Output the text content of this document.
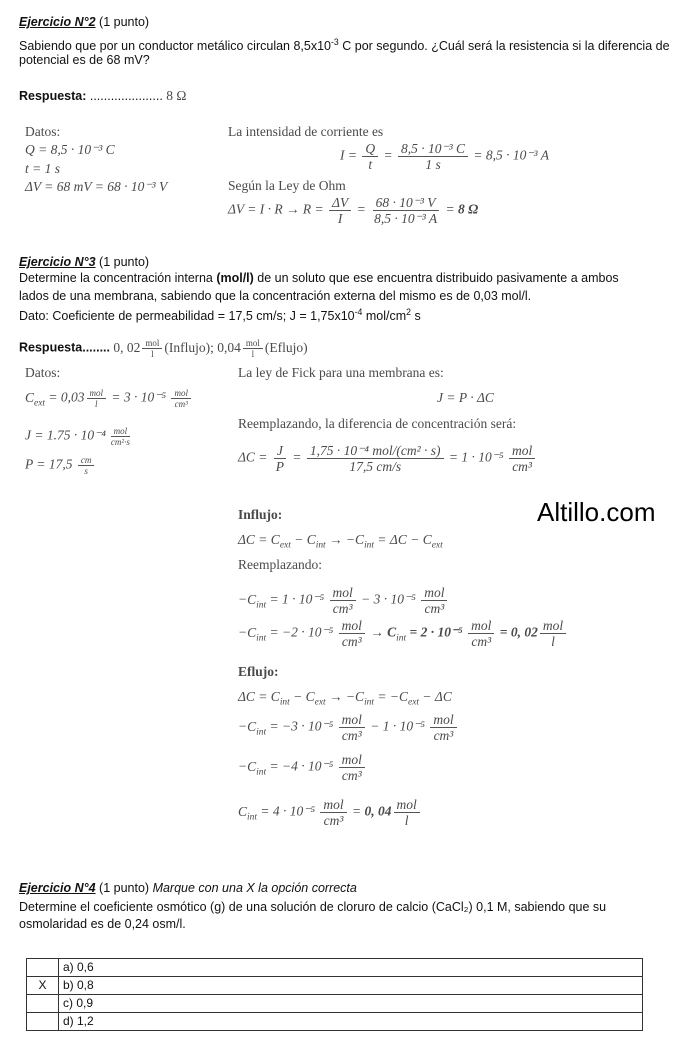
Ejercicio N°2 (1 punto)
Sabiendo que por un conductor metálico circulan $8,5x10^{-3}$ C por segundo. ¿Cuál será la resistencia si la diferencia de
potencial es de 68 mV?
Respuesta: ..................... 8 Ω
Datos:
Q = 8,5 · 10⁻³ C
t = 1 s
ΔV = 68 mV = 68 · 10⁻³ V
La intensidad de corriente es
$I = \frac{Q}{t} = \frac{\text{8,5 · 10⁻³ C}}{1 s} = 8,5 \cdot 10^{-3}$ A
Según la Ley de Ohm
$\Delta V = I \cdot R \to R = \frac{\Delta V}{I} = \frac{\text{68 · 10⁻³ V}}{\text{8,5 · 10⁻³ A}} = 8$ Ω
Ejercicio N°3 (1 punto)
Determine la concentración interna (mol/l) de un soluto que ese encuentra distribuido pasivamente a ambos
lados de una membrana, sabiendo que la concentración externa del mismo es de 0,03 mol/l.
Dato: Coeficiente de permeabilidad = 17,5 cm/s; $J = 1,75x10^{-4}$ mol/$cm^2$ s
Respuesta........ 0, $02 \frac{\text{mol}}{l}$ (Influjo); $0,04 \frac{\text{mol}}{l}$ (Eflujo)
Datos:
$C_{ext} = 0,03 \frac{\text{mol}}{l} = 3 \cdot 10^{-5} \frac{\text{mol}}{\text{cm³}}$
$J = 1.75 \cdot 10^{-4} \frac{\text{mol}}{\text{cm²·s}}$
$P = 17,5 \frac{cm}{s}$
La ley de Fick para una membrana es:
J = P · ΔC
Reemplazando, la diferencia de concentración será:
$\Delta C = \frac{J}{P} = \frac{\text{1,75 · 10⁻⁴ mol/(cm² · s)}}{17,5 cm/s} = 1 \cdot 10^{-5} \frac{\text{mol}}{\text{cm³}}$
Influjo:
$\Delta C = C_{ext} - C_{int} \to -C_{int} = \Delta C - C_{ext}$
Reemplazando:
$-C_{int} = 1 \cdot 10^{-5} \frac{\text{mol}}{\text{cm³}} - 3 \cdot 10^{-5} \frac{\text{mol}}{\text{cm³}}$
$-C_{int} = -2 \cdot 10^{-5} \frac{\text{mol}}{\text{cm³}} \to C_{int} = 2 \cdot 10^{-5} \frac{\text{mol}}{\text{cm³}} = 0$, $02 \frac{\text{mol}}{l}$
Eflujo:
$\Delta C = C_{int} - C_{ext} \to -C_{int} = -C_{ext} - \Delta C$
$-C_{int} = -3 \cdot 10^{-5} \frac{\text{mol}}{\text{cm³}} - 1 \cdot 10^{-5} \frac{\text{mol}}{\text{cm³}}$
$-C_{int} = -4 \cdot 10^{-5} \frac{\text{mol}}{\text{cm³}}$
$C_{int} = 4 \cdot 10^{-5} \frac{\text{mol}}{\text{cm³}} = 0$, $04 \frac{\text{mol}}{l}$
Altillo.com
Ejercicio N°4 (1 punto) Marque con una X la opción correcta
Determine el coeficiente osmótico (g) de una solución de cloruro de calcio (CaCl₂) 0,1 M, sabiendo que su
osmolaridad es de 0,24 osm/l.
	a) 0,6
X	b) 0,8
	c) 0,9
	d) 1,2
